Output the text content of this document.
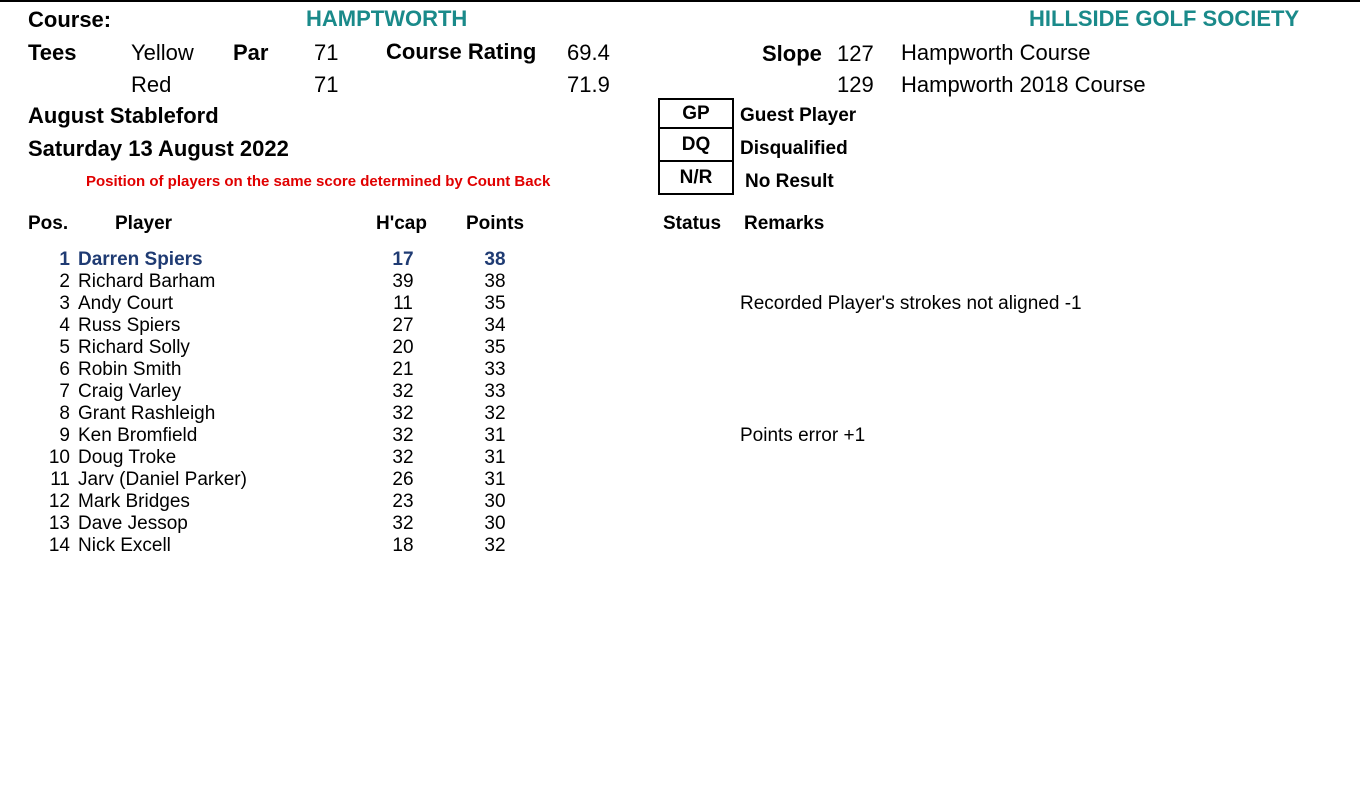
Course:	HAMPTWORTH	HILLSIDE GOLF SOCIETY
Tees Yellow Par 71 Course Rating 69.4	Slope 127 Hampworth Course
Red	71	71.9	129 Hampworth 2018 Course
August Stableford
Saturday 13 August 2022
Position of players on the same score determined by Count Back
GP	Guest Player
DQ	Disqualified
N/R	No Result
Pos. Player	H'cap Points	Status Remarks
1 Darren Spiers	17	38
2 Richard Barham	39	38
3 Andy Court	11	35	Recorded Player's strokes not aligned -1
4 Russ Spiers	27	34
5 Richard Solly	20	35
6 Robin Smith	21	33
7 Craig Varley	32	33
8 Grant Rashleigh	32	32
9 Ken Bromfield	32	31	Points error +1
10 Doug Troke	32	31
11 Jarv (Daniel Parker)	26	31
12 Mark Bridges	23	30
13 Dave Jessop	32	30
14 Nick Excell	18	32
